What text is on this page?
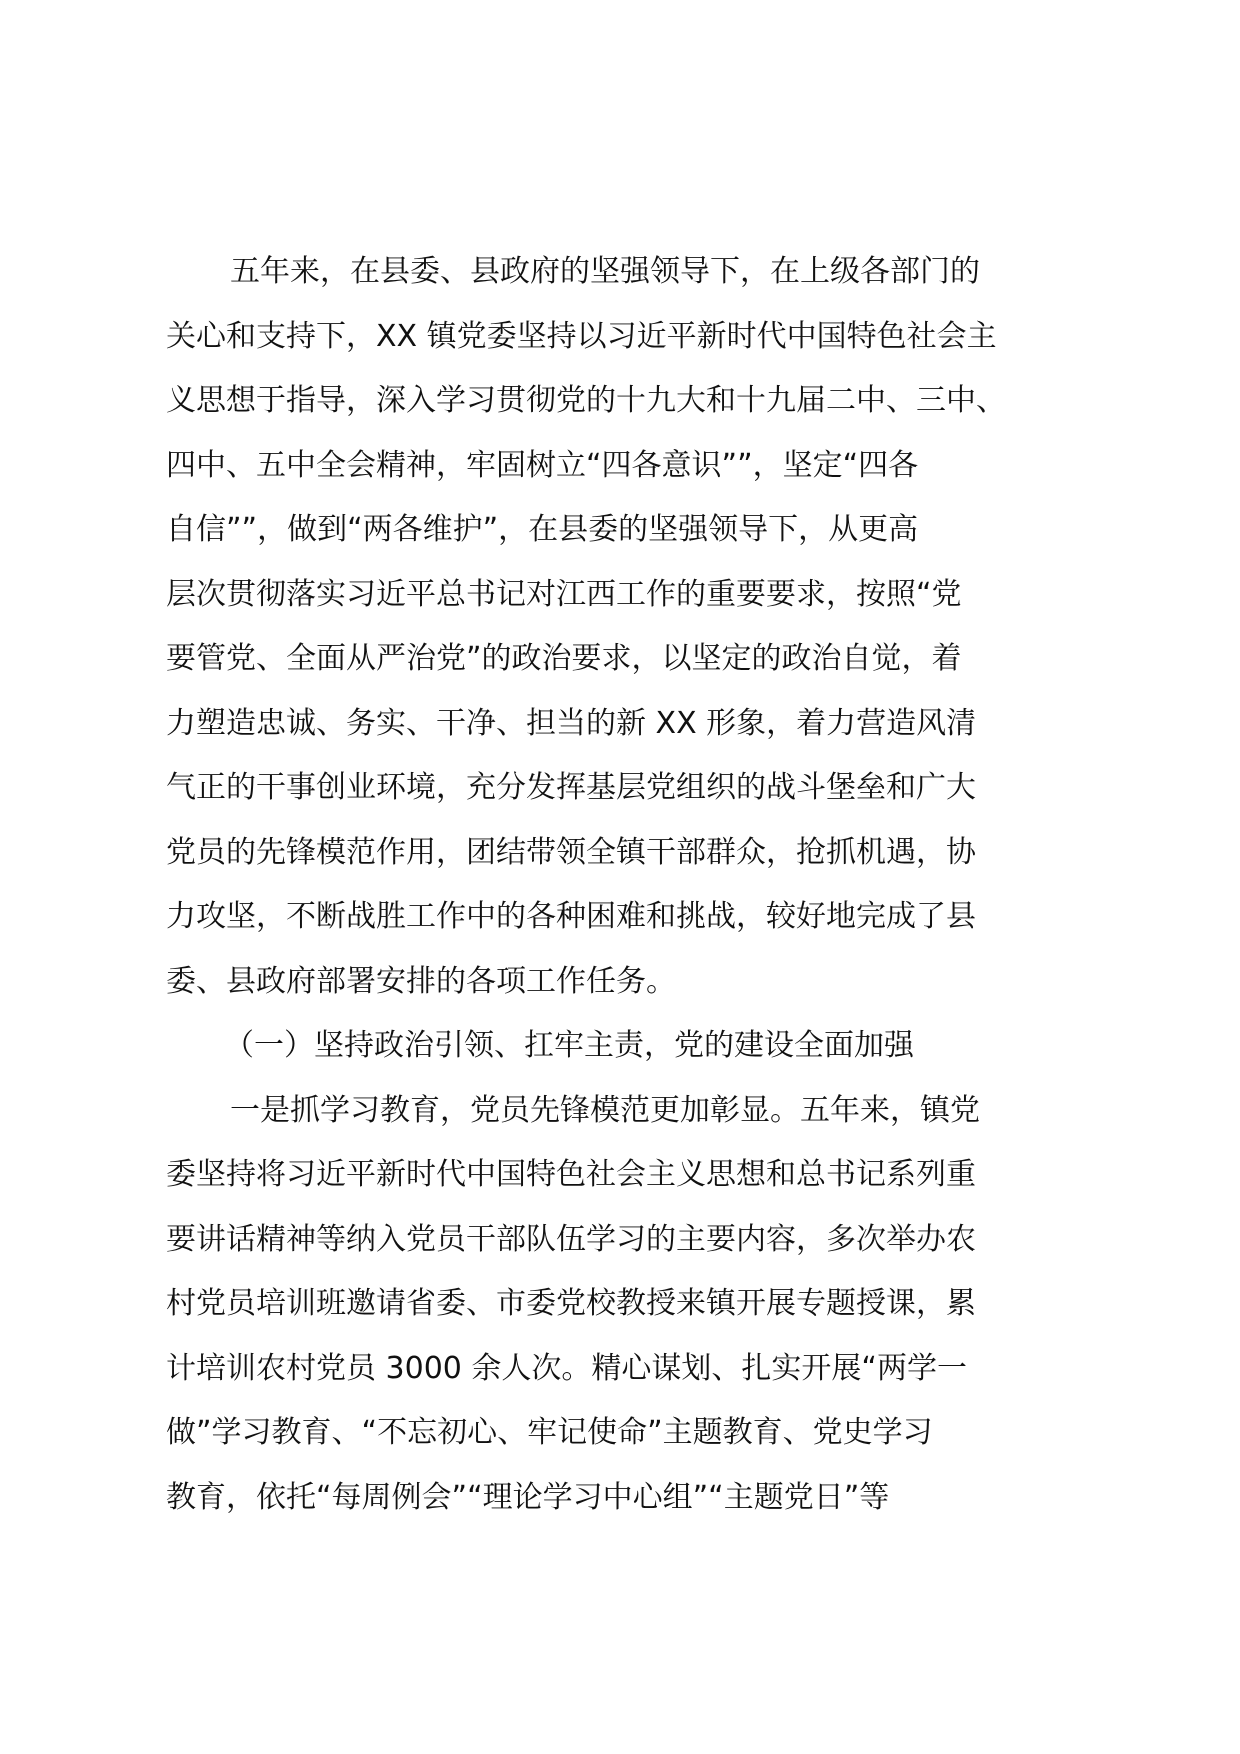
五年来，在县委、县政府的坚强领导下，在上级各部门的
关心和支持下，XX 镇党委坚持以习近平新时代中国特色社会主
义思想于指导，深入学习贯彻党的十九大和十九届二中、三中、
四中、五中全会精神，牢固树立“四各意识””，坚定“四各
自信””，做到“两各维护”，在县委的坚强领导下，从更高
层次贯彻落实习近平总书记对江西工作的重要要求，按照“党
要管党、全面从严治党”的政治要求，以坚定的政治自觉，着
力塑造忠诚、务实、干净、担当的新 XX 形象，着力营造风清
气正的干事创业环境，充分发挥基层党组织的战斗堡垒和广大
党员的先锋模范作用，团结带领全镇干部群众，抢抓机遇，协
力攻坚，不断战胜工作中的各种困难和挑战，较好地完成了县
委、县政府部署安排的各项工作任务。
（一）坚持政治引领、扛牢主责，党的建设全面加强
一是抓学习教育，党员先锋模范更加彰显。五年来，镇党
委坚持将习近平新时代中国特色社会主义思想和总书记系列重
要讲话精神等纳入党员干部队伍学习的主要内容，多次举办农
村党员培训班邀请省委、市委党校教授来镇开展专题授课，累
计培训农村党员 3000 余人次。精心谋划、扎实开展“两学一
做”学习教育、“不忘初心、牢记使命”主题教育、党史学习
教育，依托“每周例会”“理论学习中心组”“主题党日”等
